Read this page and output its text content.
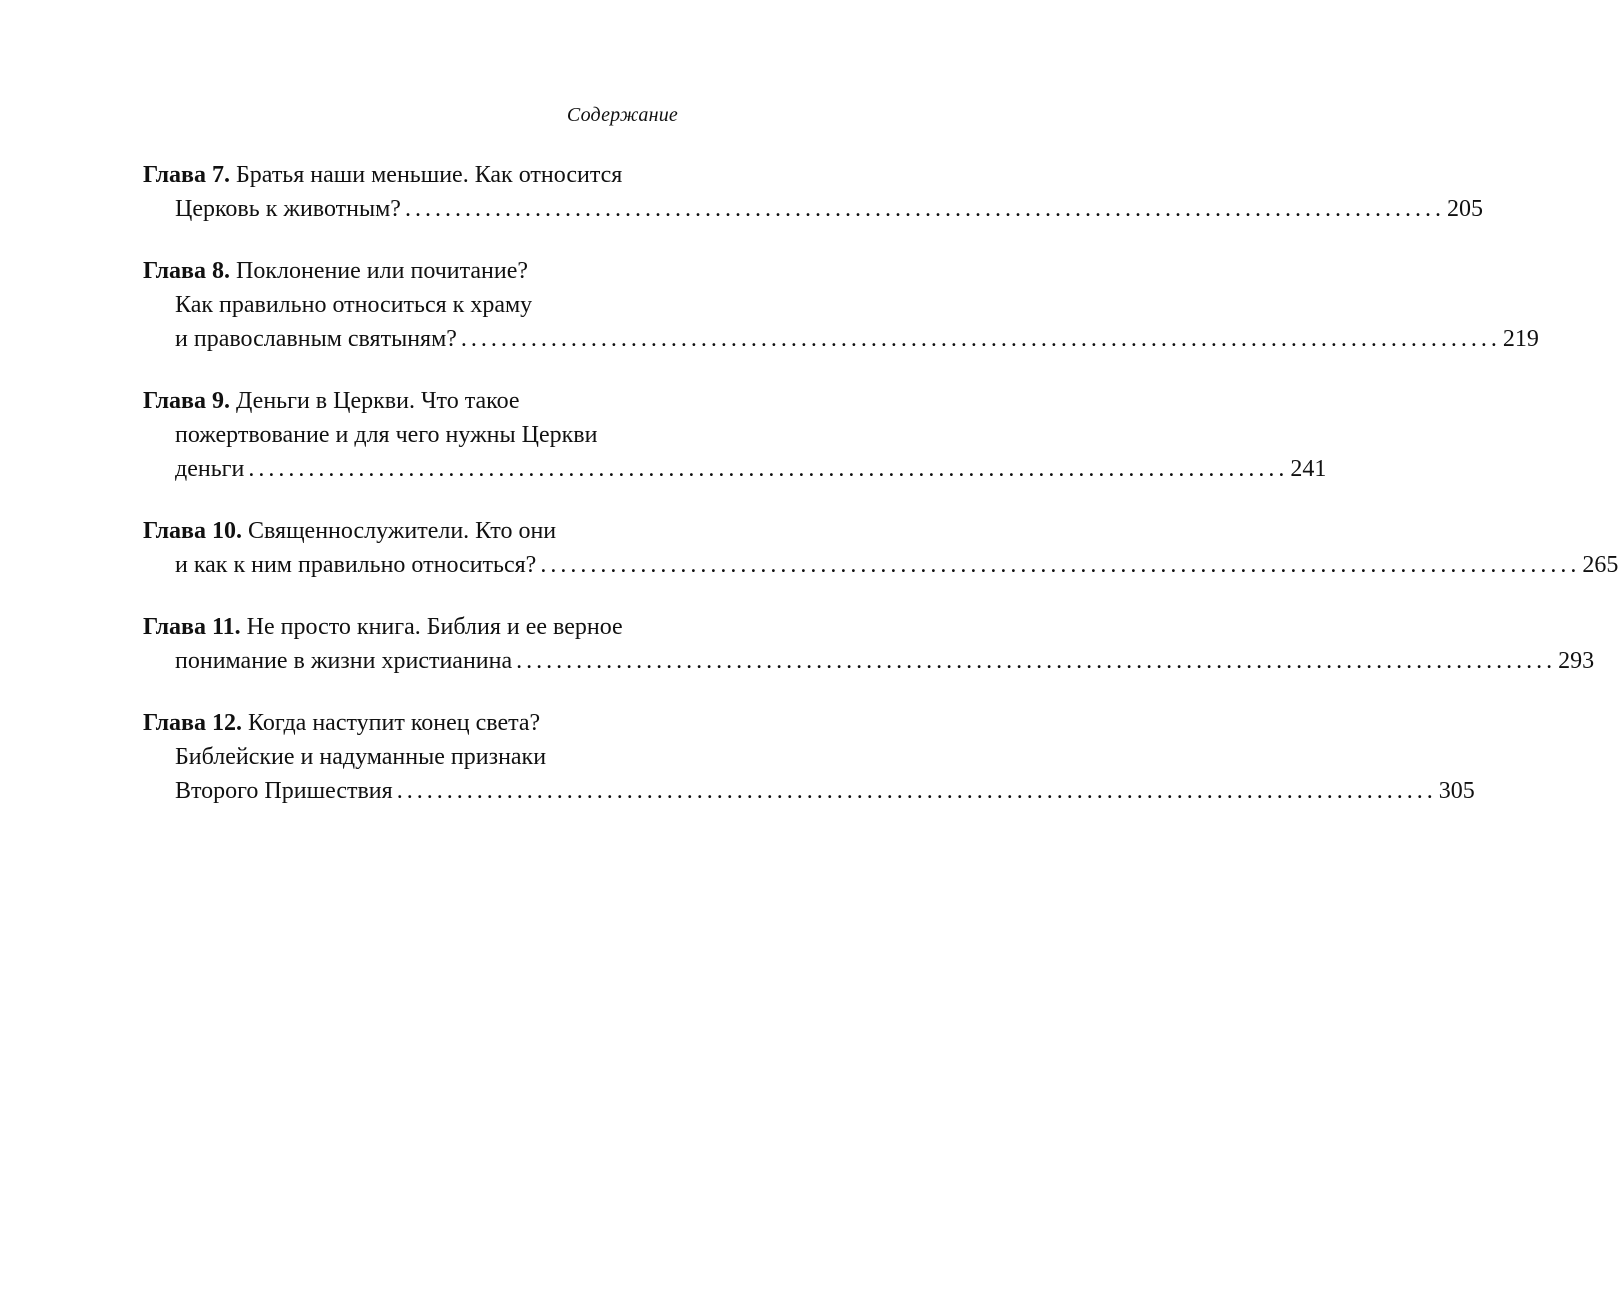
Содержание
Глава 7. Братья наши меньшие. Как относится
Церковь к животным? ........................................................................................................ 205
Глава 8. Поклонение или почитание?
Как правильно относиться к храму
и православным святыням? ........................................................................................................ 219
Глава 9. Деньги в Церкви. Что такое
пожертвование и для чего нужны Церкви
деньги ........................................................................................................ 241
Глава 10. Священнослужители. Кто они
и как к ним правильно относиться? ........................................................................................................ 265
Глава 11. Не просто книга. Библия и ее верное
понимание в жизни христианина ........................................................................................................ 293
Глава 12. Когда наступит конец света?
Библейские и надуманные признаки
Второго Пришествия ........................................................................................................ 305
